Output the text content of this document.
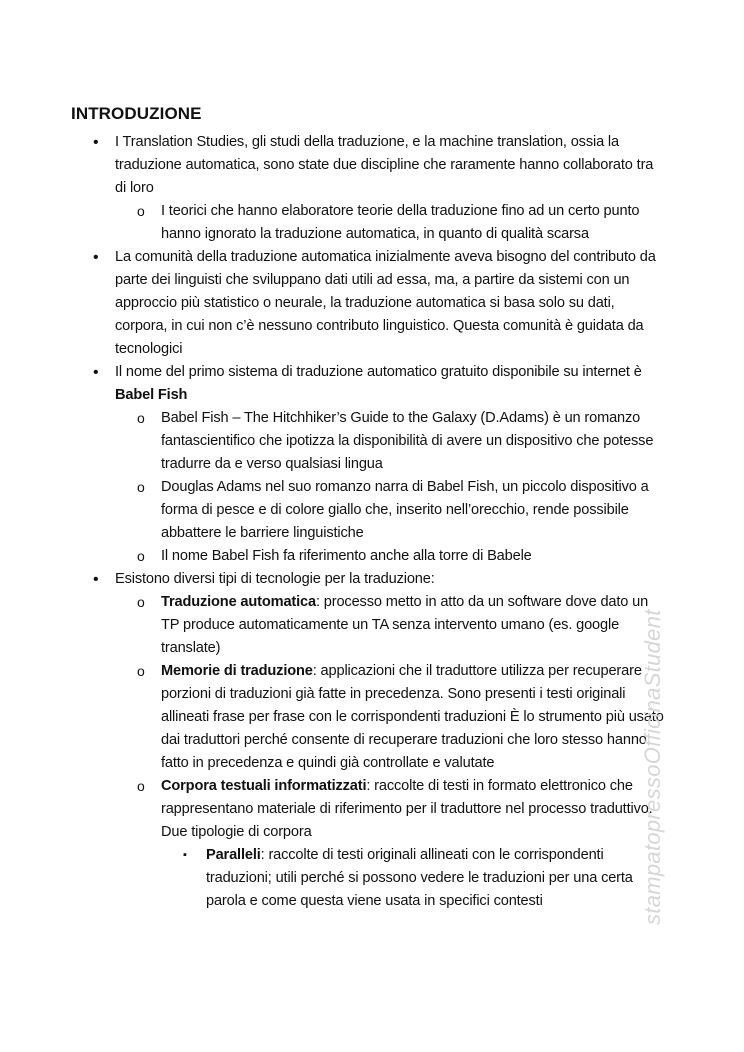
INTRODUZIONE
• I Translation Studies, gli studi della traduzione, e la machine translation, ossia la traduzione automatica, sono state due discipline che raramente hanno collaborato tra di loro
o I teorici che hanno elaboratore teorie della traduzione fino ad un certo punto hanno ignorato la traduzione automatica, in quanto di qualità scarsa
• La comunità della traduzione automatica inizialmente aveva bisogno del contributo da parte dei linguisti che sviluppano dati utili ad essa, ma, a partire da sistemi con un approccio più statistico o neurale, la traduzione automatica si basa solo su dati, corpora, in cui non c’è nessuno contributo linguistico. Questa comunità è guidata da tecnologici
• Il nome del primo sistema di traduzione automatico gratuito disponibile su internet è Babel Fish
o Babel Fish – The Hitchhiker’s Guide to the Galaxy (D.Adams) è un romanzo fantascientifico che ipotizza la disponibilità di avere un dispositivo che potesse tradurre da e verso qualsiasi lingua
o Douglas Adams nel suo romanzo narra di Babel Fish, un piccolo dispositivo a forma di pesce e di colore giallo che, inserito nell’orecchio, rende possibile abbattere le barriere linguistiche
o Il nome Babel Fish fa riferimento anche alla torre di Babele
• Esistono diversi tipi di tecnologie per la traduzione:
o Traduzione automatica: processo metto in atto da un software dove dato un TP produce automaticamente un TA senza intervento umano (es. google translate)
o Memorie di traduzione: applicazioni che il traduttore utilizza per recuperare porzioni di traduzioni già fatte in precedenza. Sono presenti i testi originali allineati frase per frase con le corrispondenti traduzioni È lo strumento più usato dai traduttori perché consente di recuperare traduzioni che loro stesso hanno fatto in precedenza e quindi già controllate e valutate
o Corpora testuali informatizzati: raccolte di testi in formato elettronico che rappresentano materiale di riferimento per il traduttore nel processo traduttivo. Due tipologie di corpora
▪ Paralleli: raccolte di testi originali allineati con le corrispondenti traduzioni; utili perché si possono vedere le traduzioni per una certa parola e come questa viene usata in specifici contesti	stampatopressoOfficinaStudent
